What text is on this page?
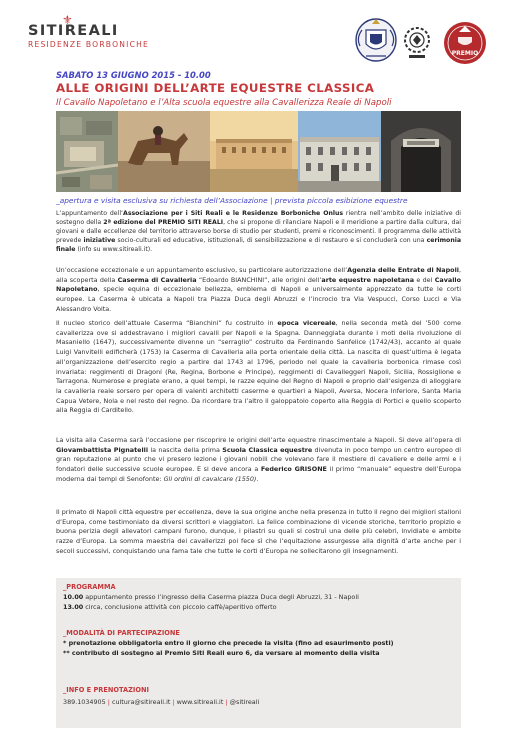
⚜
SITIREALI
RESIDENZE BORBONICHE
PREMIO
SABATO 13 GIUGNO 2015 - 10.00
ALLE ORIGINI DELL’ARTE EQUESTRE CLASSICA
Il Cavallo Napoletano e l’Alta scuola equestre alla Cavallerizza Reale di Napoli
_apertura e visita esclusiva su richiesta dell’Associazione | prevista piccola esibizione equestre
L’appuntamento dell’Associazione per i Siti Reali e le Residenze Borboniche Onlus rientra nell’ambito delle iniziative di sostegno della 2ª edizione del PREMIO SITI REALI, che si propone di rilanciare Napoli e il meridione a partire dalla cultura, dai giovani e dalle eccellenze del territorio attraverso borse di studio per studenti, premi e riconoscimenti. Il programma delle attività prevede iniziative socio-culturali ed educative, istituzionali, di sensibilizzazione e di restauro e si concluderà con una cerimonia finale (info su www.sitireali.it).
Un’occasione eccezionale e un appuntamento esclusivo, su particolare autorizzazione dell’Agenzia delle Entrate di Napoli, alla scoperta della Caserma di Cavalleria “Edoardo BIANCHINI”, alle origini dell’arte equestre napoletana e del Cavallo Napoletano, specie equina di eccezionale bellezza, emblema di Napoli e universalmente apprezzato da tutte le corti europee. La Caserma è ubicata a Napoli tra Piazza Duca degli Abruzzi e l’incrocio tra Via Vespucci, Corso Lucci e Via Alessandro Volta.
Il nucleo storico dell’attuale Caserma “Bianchini” fu costruito in epoca vicereale, nella seconda metà del ’500 come cavallerizza ove si addestravano i migliori cavalli per Napoli e la Spagna. Danneggiata durante i moti della rivoluzione di Masaniello (1647), successivamente divenne un “serraglio” costruito da Ferdinando Sanfelice (1742/43), accanto al quale Luigi Vanvitelli edificherà (1753) la Caserma di Cavalleria alla porta orientale della città. La nascita di quest’ultima è legata all’organizzazione dell’esercito regio a partire dal 1743 al 1796, periodo nel quale la cavalleria borbonica rimase così invariata: reggimenti di Dragoni (Re, Regina, Borbone e Principe), reggimenti di Cavalleggeri Napoli, Sicilia, Rossiglione e Tarragona. Numerose e pregiate erano, a quei tempi, le razze equine del Regno di Napoli e proprio dall’esigenza di alloggiare la cavalleria reale sorsero per opera di valenti architetti caserme e quartieri a Napoli, Aversa, Nocera Inferiore, Santa Maria Capua Vetere, Nola e nel resto del regno. Da ricordare tra l’altro il galoppatoio coperto alla Reggia di Portici e quello scoperto alla Reggia di Carditello.
La visita alla Caserma sarà l’occasione per riscoprire le origini dell’arte equestre rinascimentale a Napoli. Si deve all’opera di Giovambattista Pignatelli la nascita della prima Scuola Classica equestre divenuta in poco tempo un centro europeo di gran reputazione al punto che vi presero lezione i giovani nobili che volevano fare il mestiere di cavaliere e delle armi e i fondatori delle successive scuole europee. E si deve ancora a Federico GRISONE il primo “manuale” equestre dell’Europa moderna dai tempi di Senofonte: Gli ordini di cavalcare (1550).
Il primato di Napoli città equestre per eccellenza, deve la sua origine anche nella presenza in tutto il regno dei migliori stalloni d’Europa, come testimoniato da diversi scrittori e viaggiatori. La felice combinazione di vicende storiche, territorio propizio e buona perizia degli allevatori campani furono, dunque, i pilastri su quali si costruì una delle più celebri, invidiate e ambite razze d’Europa. La somma maestria dei cavallerizzi poi fece sì che l’equitazione assurgesse alla dignità d’arte anche per i secoli successivi, conquistando una fama tale che tutte le corti d’Europa ne sollecitarono gli insegnamenti.
_PROGRAMMA
10.00 appuntamento presso l’ingresso della Caserma piazza Duca degli Abruzzi, 31 - Napoli
13.00 circa, conclusione attività con piccolo caffè/aperitivo offerto
_MODALITÀ DI PARTECIPAZIONE
* prenotazione obbligatoria entro il giorno che precede la visita (fino ad esaurimento posti)
** contributo di sostegno al Premio Siti Reali euro 6, da versare al momento della visita
_INFO E PRENOTAZIONI
389.1034905 | cultura@sitireali.it | www.sitireali.it | @sitireali
